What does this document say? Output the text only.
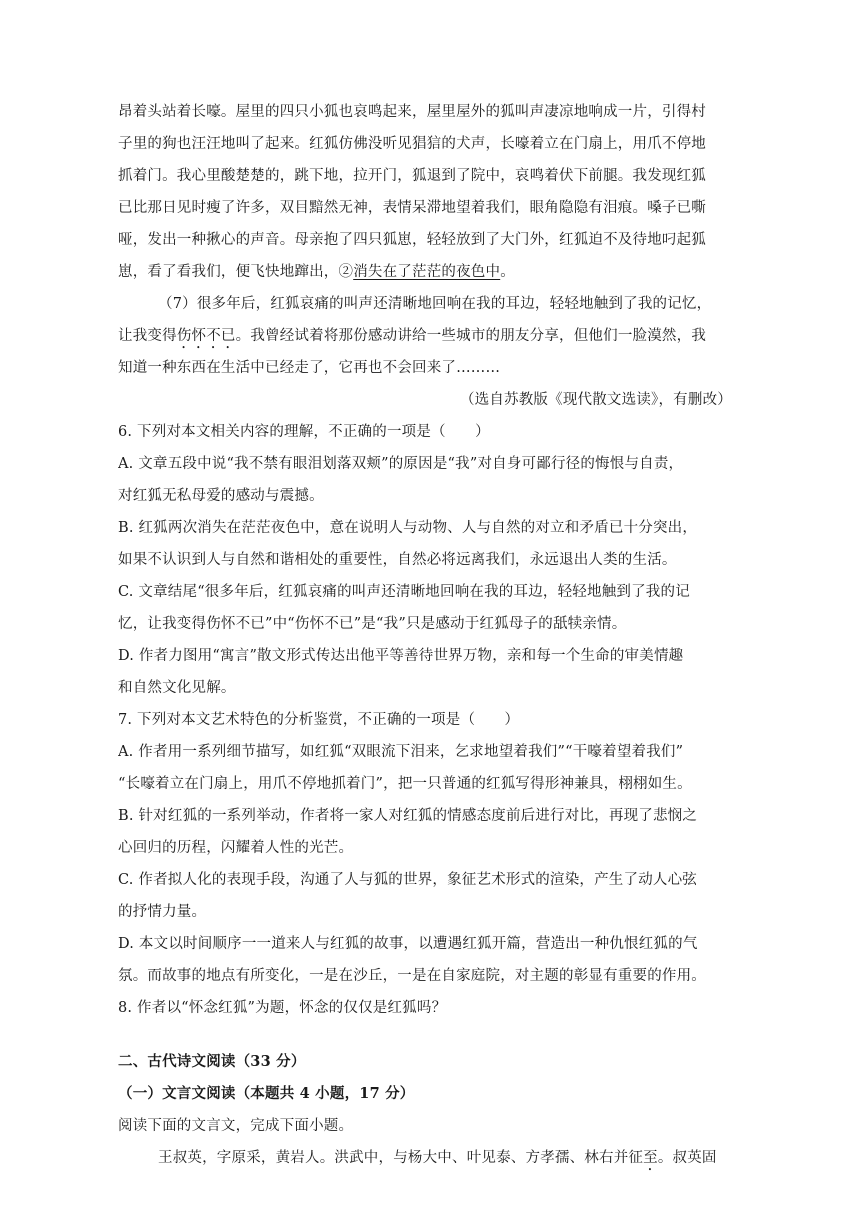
昂着头站着长嚎。屋里的四只小狐也哀鸣起来，屋里屋外的狐叫声凄凉地响成一片，引得村
子里的狗也汪汪地叫了起来。红狐仿佛没听见猖狺的犬声，长嚎着立在门扇上，用爪不停地
抓着门。我心里酸楚楚的，跳下地，拉开门，狐退到了院中，哀鸣着伏下前腿。我发现红狐
已比那日见时瘦了许多，双目黯然无神，表情呆滞地望着我们，眼角隐隐有泪痕。嗓子已嘶
哑，发出一种揪心的声音。母亲抱了四只狐崽，轻轻放到了大门外，红狐迫不及待地叼起狐
崽，看了看我们，便飞快地蹿出，②消失在了茫茫的夜色中。
（7）很多年后，红狐哀痛的叫声还清晰地回响在我的耳边，轻轻地触到了我的记忆，
让我变得伤怀不已。我曾经试着将那份感动讲给一些城市的朋友分享，但他们一脸漠然，我
知道一种东西在生活中已经走了，它再也不会回来了………
（选自苏教版《现代散文选读》，有删改）
6. 下列对本文相关内容的理解，不正确的一项是（　　）
A. 文章五段中说“我不禁有眼泪划落双颊”的原因是“我”对自身可鄙行径的悔恨与自责，
对红狐无私母爱的感动与震撼。
B. 红狐两次消失在茫茫夜色中，意在说明人与动物、人与自然的对立和矛盾已十分突出，
如果不认识到人与自然和谐相处的重要性，自然必将远离我们，永远退出人类的生活。
C. 文章结尾“很多年后，红狐哀痛的叫声还清晰地回响在我的耳边，轻轻地触到了我的记
忆，让我变得伤怀不已”中“伤怀不已”是“我”只是感动于红狐母子的舐犊亲情。
D. 作者力图用“寓言”散文形式传达出他平等善待世界万物，亲和每一个生命的审美情趣
和自然文化见解。
7. 下列对本文艺术特色的分析鉴赏，不正确的一项是（　　）
A. 作者用一系列细节描写，如红狐“双眼流下泪来，乞求地望着我们”“干嚎着望着我们”
“长嚎着立在门扇上，用爪不停地抓着门”，把一只普通的红狐写得形神兼具，栩栩如生。
B. 针对红狐的一系列举动，作者将一家人对红狐的情感态度前后进行对比，再现了悲悯之
心回归的历程，闪耀着人性的光芒。
C. 作者拟人化的表现手段，沟通了人与狐的世界，象征艺术形式的渲染，产生了动人心弦
的抒情力量。
D. 本文以时间顺序一一道来人与红狐的故事，以遭遇红狐开篇，营造出一种仇恨红狐的气
氛。而故事的地点有所变化，一是在沙丘，一是在自家庭院，对主题的彰显有重要的作用。
8. 作者以“怀念红狐”为题，怀念的仅仅是红狐吗？
二、古代诗文阅读（33 分）
（一）文言文阅读（本题共 4 小题，17 分）
阅读下面的文言文，完成下面小题。
王叔英，字原采，黄岩人。洪武中，与杨大中、叶见泰、方孝孺、林右并征至。叔英固
